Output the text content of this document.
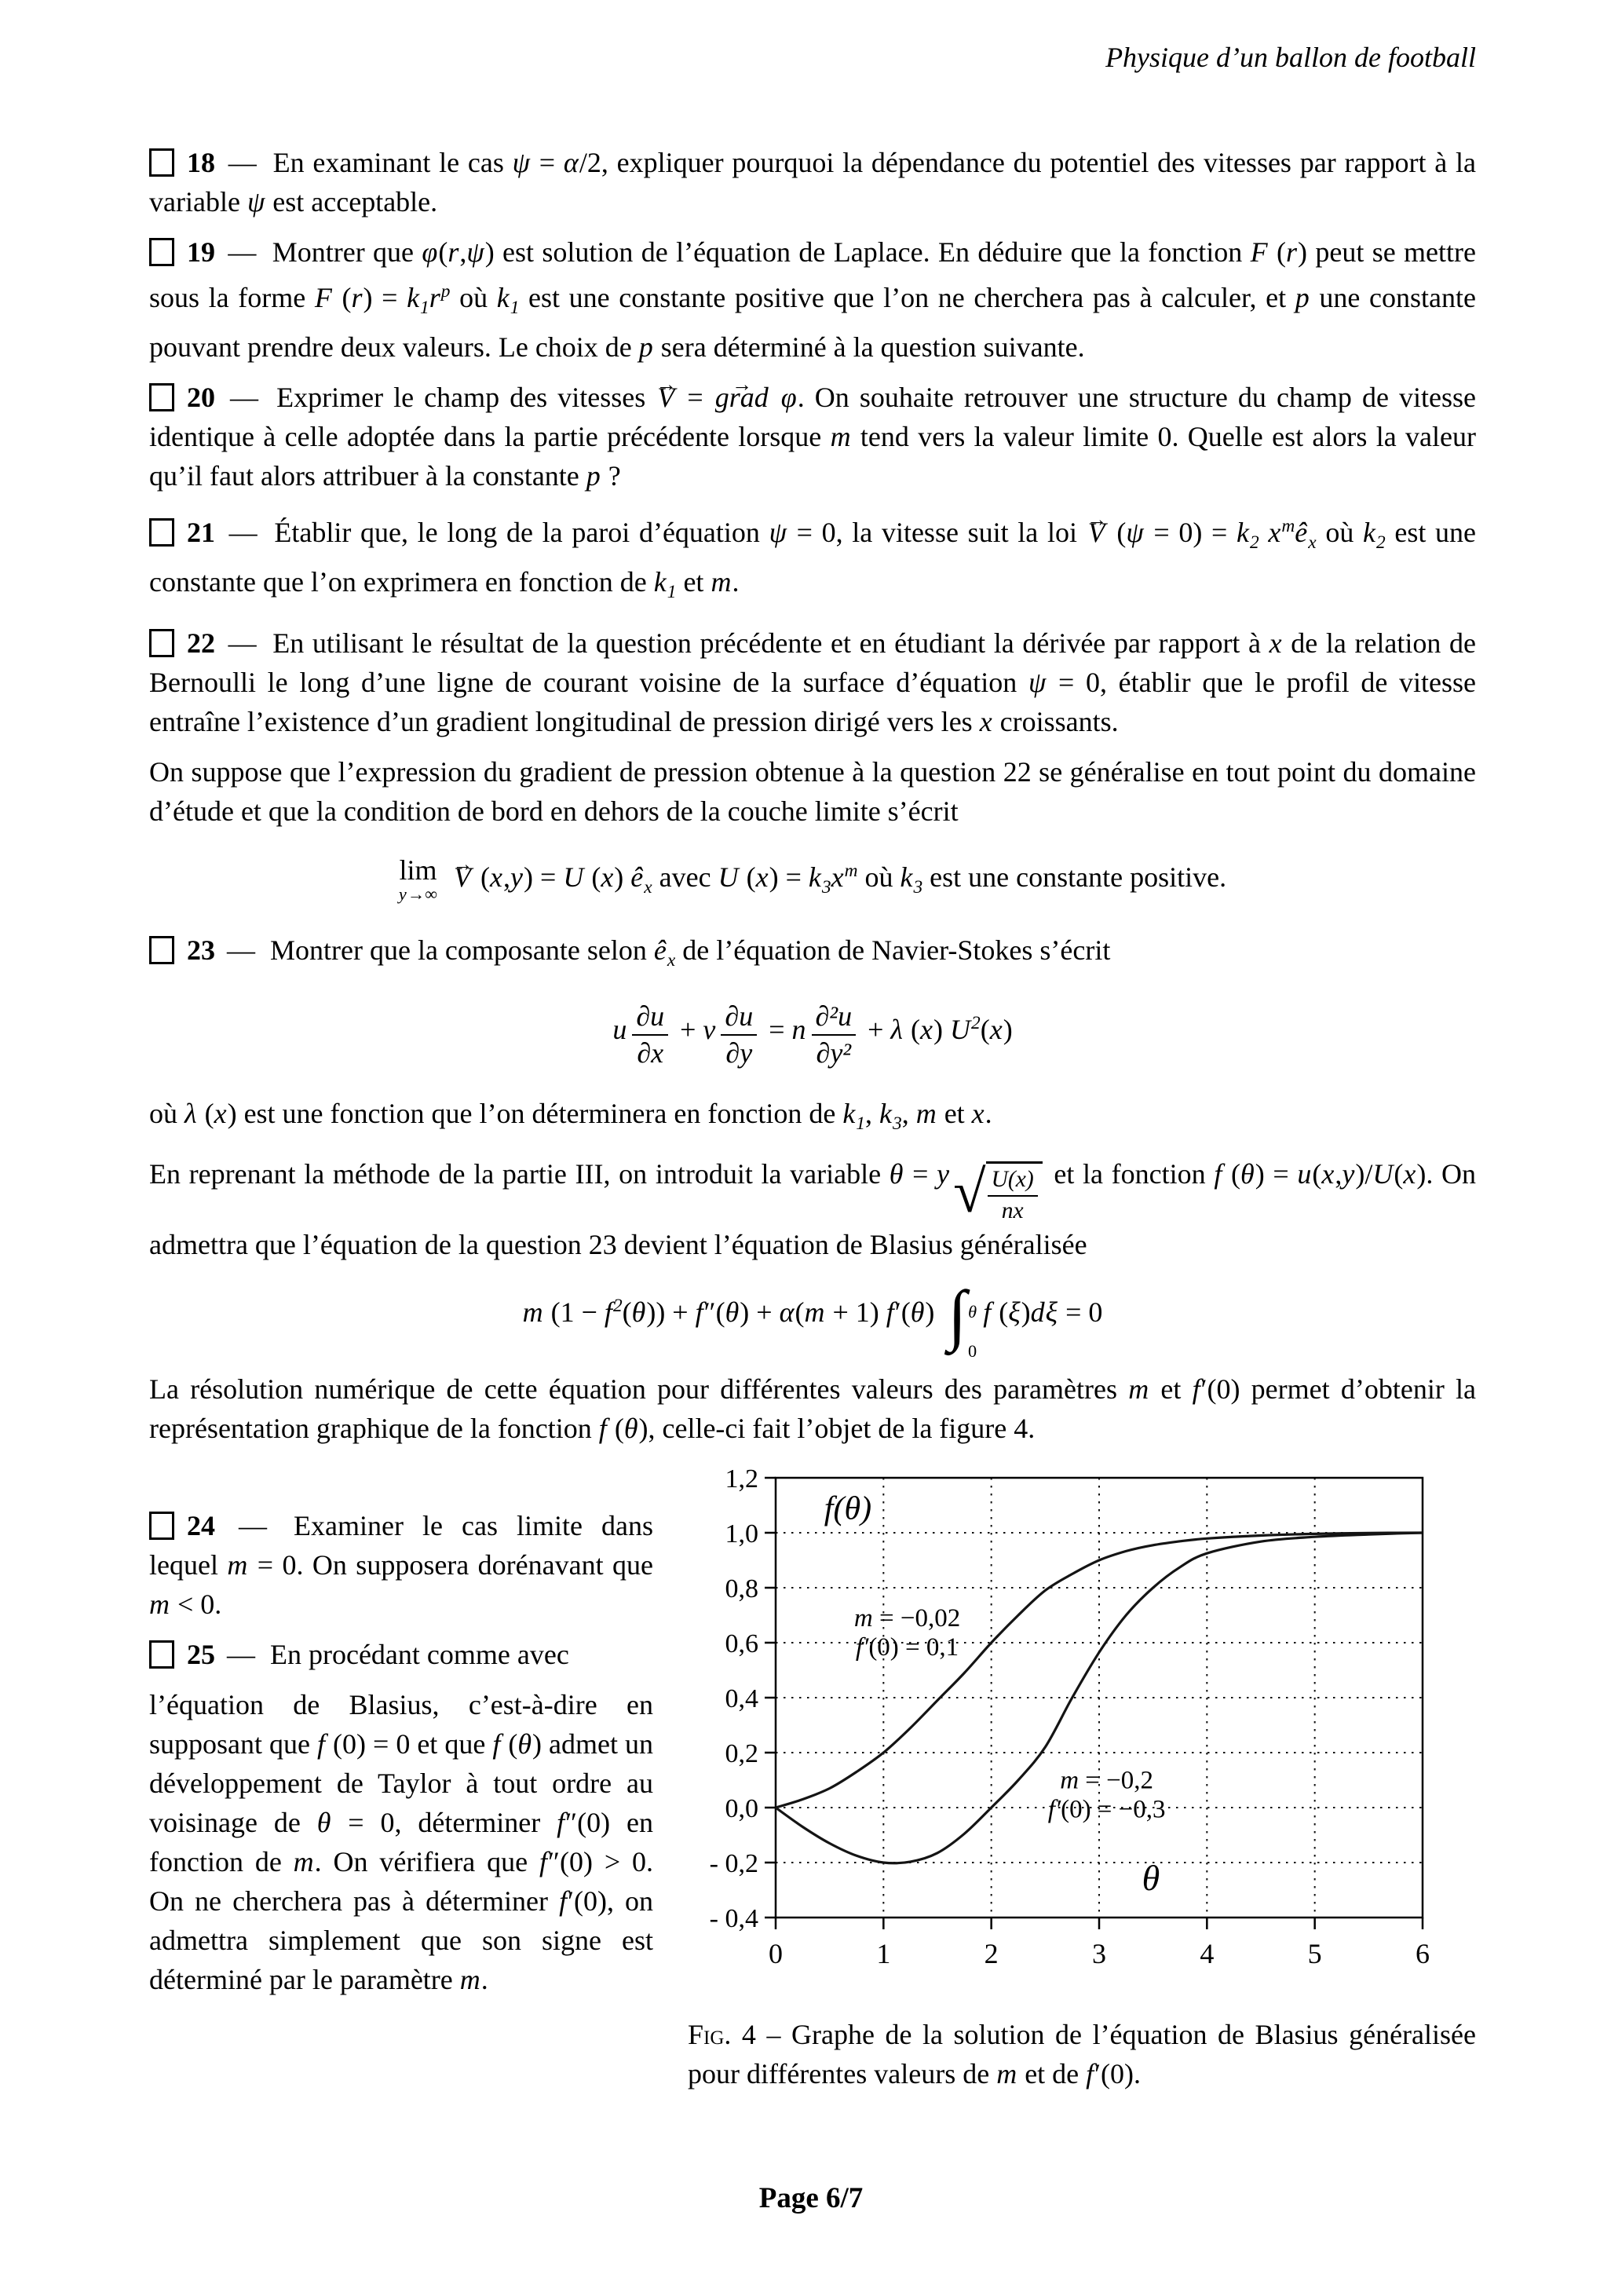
Physique d’un ballon de football

18 — En examinant le cas ψ = α/2, expliquer pourquoi la dépendance du potentiel des vitesses par rapport à la variable ψ est acceptable.

19 — Montrer que φ(r,ψ) est solution de l’équation de Laplace. En déduire que la fonction F (r) peut se mettre sous la forme F $(r) = k_1r^p$ où $k_1$ est une constante positive que l’on ne cherchera pas à calculer, et p une constante pouvant prendre deux valeurs. Le choix de p sera déterminé à la question suivante.

20 — Exprimer le champ des vitesses → V = → grad φ. On souhaite retrouver une structure du champ de vitesse identique à celle adoptée dans la partie précédente lorsque m tend vers la valeur limite 0. Quelle est alors la valeur qu’il faut alors attribuer à la constante p ?

21 — Établir que, le long de la paroi d’équation ψ = 0, la vitesse suit la loi → V $(\psi = 0) = k_2$ $x^mê_x$ où $k_2$ est une constante que l’on exprimera en fonction de $k_1$ et m.

22 — En utilisant le résultat de la question précédente et en étudiant la dérivée par rapport à x de la relation de Bernoulli le long d’une ligne de courant voisine de la surface d’équation ψ = 0, établir que le profil de vitesse entraîne l’existence d’un gradient longitudinal de pression dirigé vers les x croissants.

On suppose que l’expression du gradient de pression obtenue à la question 22 se généralise en tout point du domaine d’étude et que la condition de bord en dehors de la couche limite s’écrit

lim
y→∞
→ V (x,y) = U (x) $ê_x$ avec U $(x) = k_3x^m$ où $k_3$ est une constante positive.

23 — Montrer que la composante selon $ê_x$ de l’équation de Navier-Stokes s’écrit

u $\frac{\partial u}{\partial x} + v \frac{\partial u}{\partial y} = n \frac{\text{∂²u}}{\text{∂y²}} + \lambda$ (x) $U^2(x)$

où λ (x) est une fonction que l’on déterminera en fonction de $k_1$, $k_3$, m et x.

En reprenant la méthode de la partie III, on introduit la variable θ = y √ $\frac{U(x)}{nx}$ et la fonction f (θ) = u(x,y)/U(x). On admettra que l’équation de la question 23 devient l’équation de Blasius généralisée

m $(1 - f^2(\theta)) + f''(\theta) + \alpha(m + 1)$ f′(θ) ∫ θ
0
f (ξ)dξ = 0

La résolution numérique de cette équation pour différentes valeurs des paramètres m et f′(0) permet d’obtenir la représentation graphique de la fonction f (θ), celle-ci fait l’objet de la figure 4.

24 — Examiner le cas limite dans lequel m = 0. On supposera dorénavant que m < 0.

25 — En procédant comme avec

l’équation de Blasius, c’est-à-dire en supposant que f (0) = 0 et que f (θ) admet un développement de Taylor à tout ordre au voisinage de θ = 0, déterminer f″(0) en fonction de m. On vérifiera que f″(0) > 0. On ne cherchera pas à déterminer f′(0), on admettra simplement que son signe est déterminé par le paramètre m.

1,2
1,0
0,8
0,6
0,4
0,2
0,0
- 0,2
- 0,4
0	1	2	3	4	5	6
m = −0,02
f′(0) = 0,1
m = −0,2
f′(0) = −0,3
f(θ)
θ

Fig. 4 – Graphe de la solution de l’équation de Blasius généralisée pour différentes valeurs de m et de f′(0).

Page 6/7
